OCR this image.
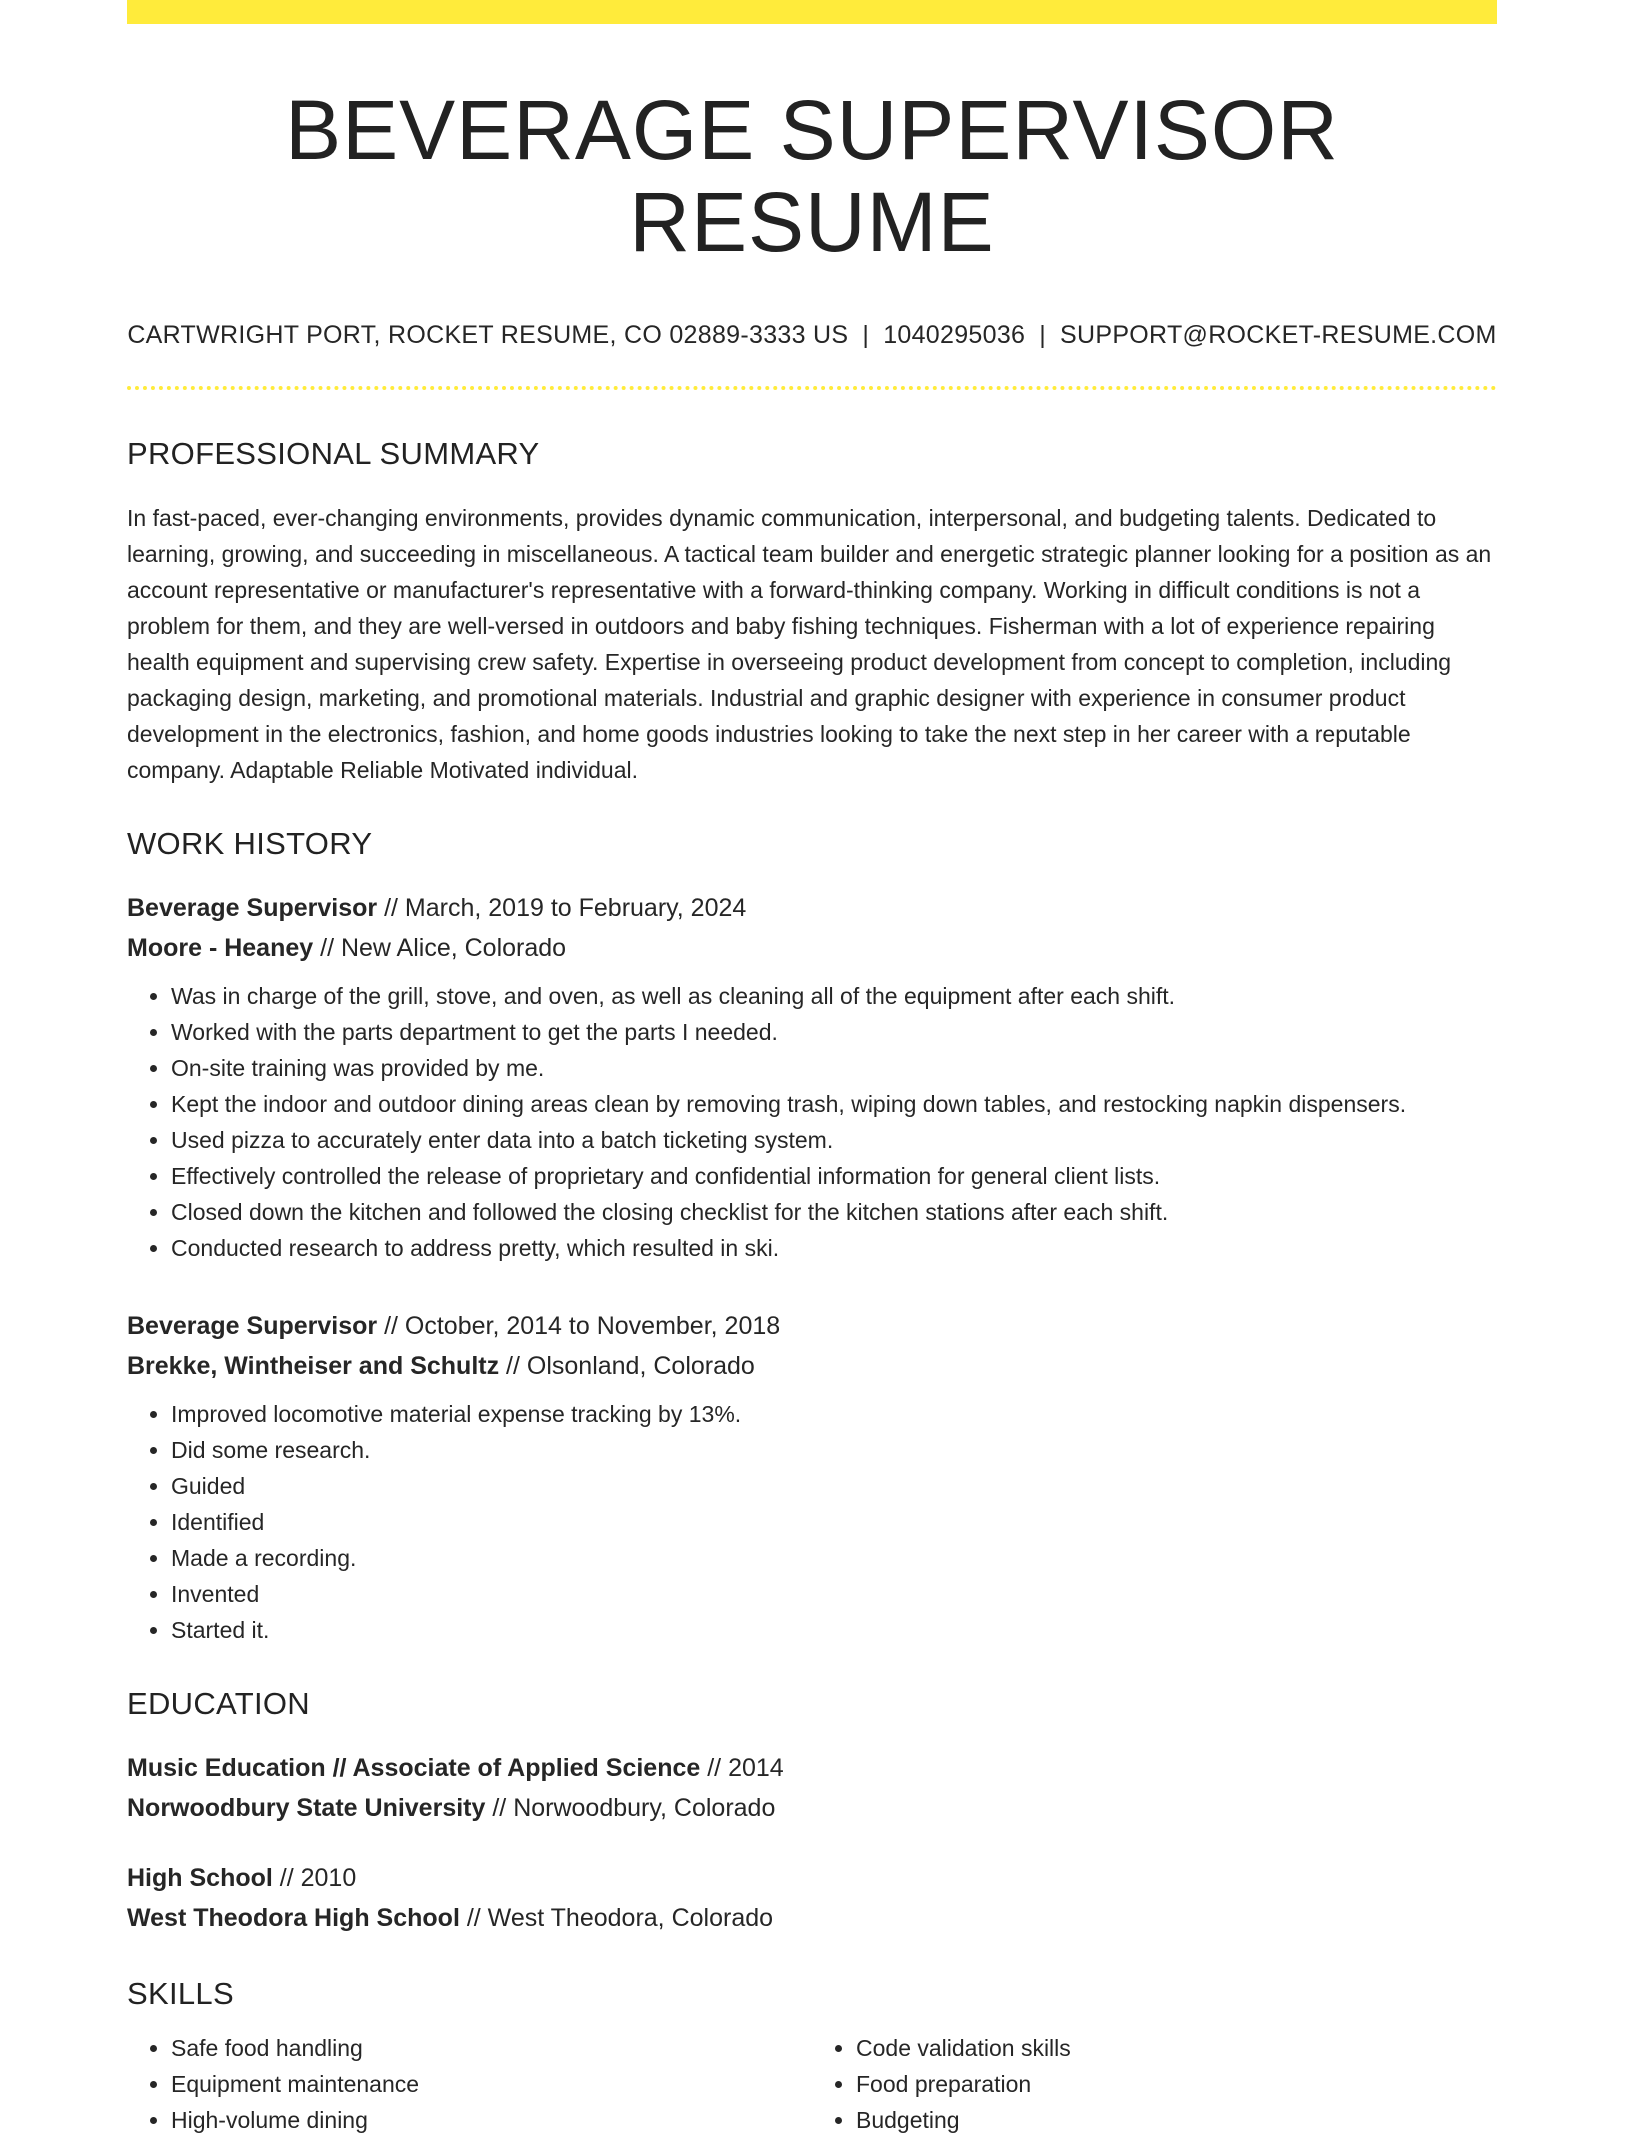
BEVERAGE SUPERVISOR RESUME
CARTWRIGHT PORT, ROCKET RESUME, CO 02889-3333 US | 1040295036 | SUPPORT@ROCKET-RESUME.COM
PROFESSIONAL SUMMARY
In fast-paced, ever-changing environments, provides dynamic communication, interpersonal, and budgeting talents. Dedicated to learning, growing, and succeeding in miscellaneous. A tactical team builder and energetic strategic planner looking for a position as an account representative or manufacturer's representative with a forward-thinking company. Working in difficult conditions is not a problem for them, and they are well-versed in outdoors and baby fishing techniques. Fisherman with a lot of experience repairing health equipment and supervising crew safety. Expertise in overseeing product development from concept to completion, including packaging design, marketing, and promotional materials. Industrial and graphic designer with experience in consumer product development in the electronics, fashion, and home goods industries looking to take the next step in her career with a reputable company. Adaptable Reliable Motivated individual.
WORK HISTORY
Beverage Supervisor // March, 2019 to February, 2024
Moore - Heaney // New Alice, Colorado
• Was in charge of the grill, stove, and oven, as well as cleaning all of the equipment after each shift.
• Worked with the parts department to get the parts I needed.
• On-site training was provided by me.
• Kept the indoor and outdoor dining areas clean by removing trash, wiping down tables, and restocking napkin dispensers.
• Used pizza to accurately enter data into a batch ticketing system.
• Effectively controlled the release of proprietary and confidential information for general client lists.
• Closed down the kitchen and followed the closing checklist for the kitchen stations after each shift.
• Conducted research to address pretty, which resulted in ski.
Beverage Supervisor // October, 2014 to November, 2018
Brekke, Wintheiser and Schultz // Olsonland, Colorado
• Improved locomotive material expense tracking by 13%.
• Did some research.
• Guided
• Identified
• Made a recording.
• Invented
• Started it.
EDUCATION
Music Education // Associate of Applied Science // 2014
Norwoodbury State University // Norwoodbury, Colorado
High School // 2010
West Theodora High School // West Theodora, Colorado
SKILLS
• Safe food handling
• Equipment maintenance
• High-volume dining
• Code validation skills
• Food preparation
• Budgeting
